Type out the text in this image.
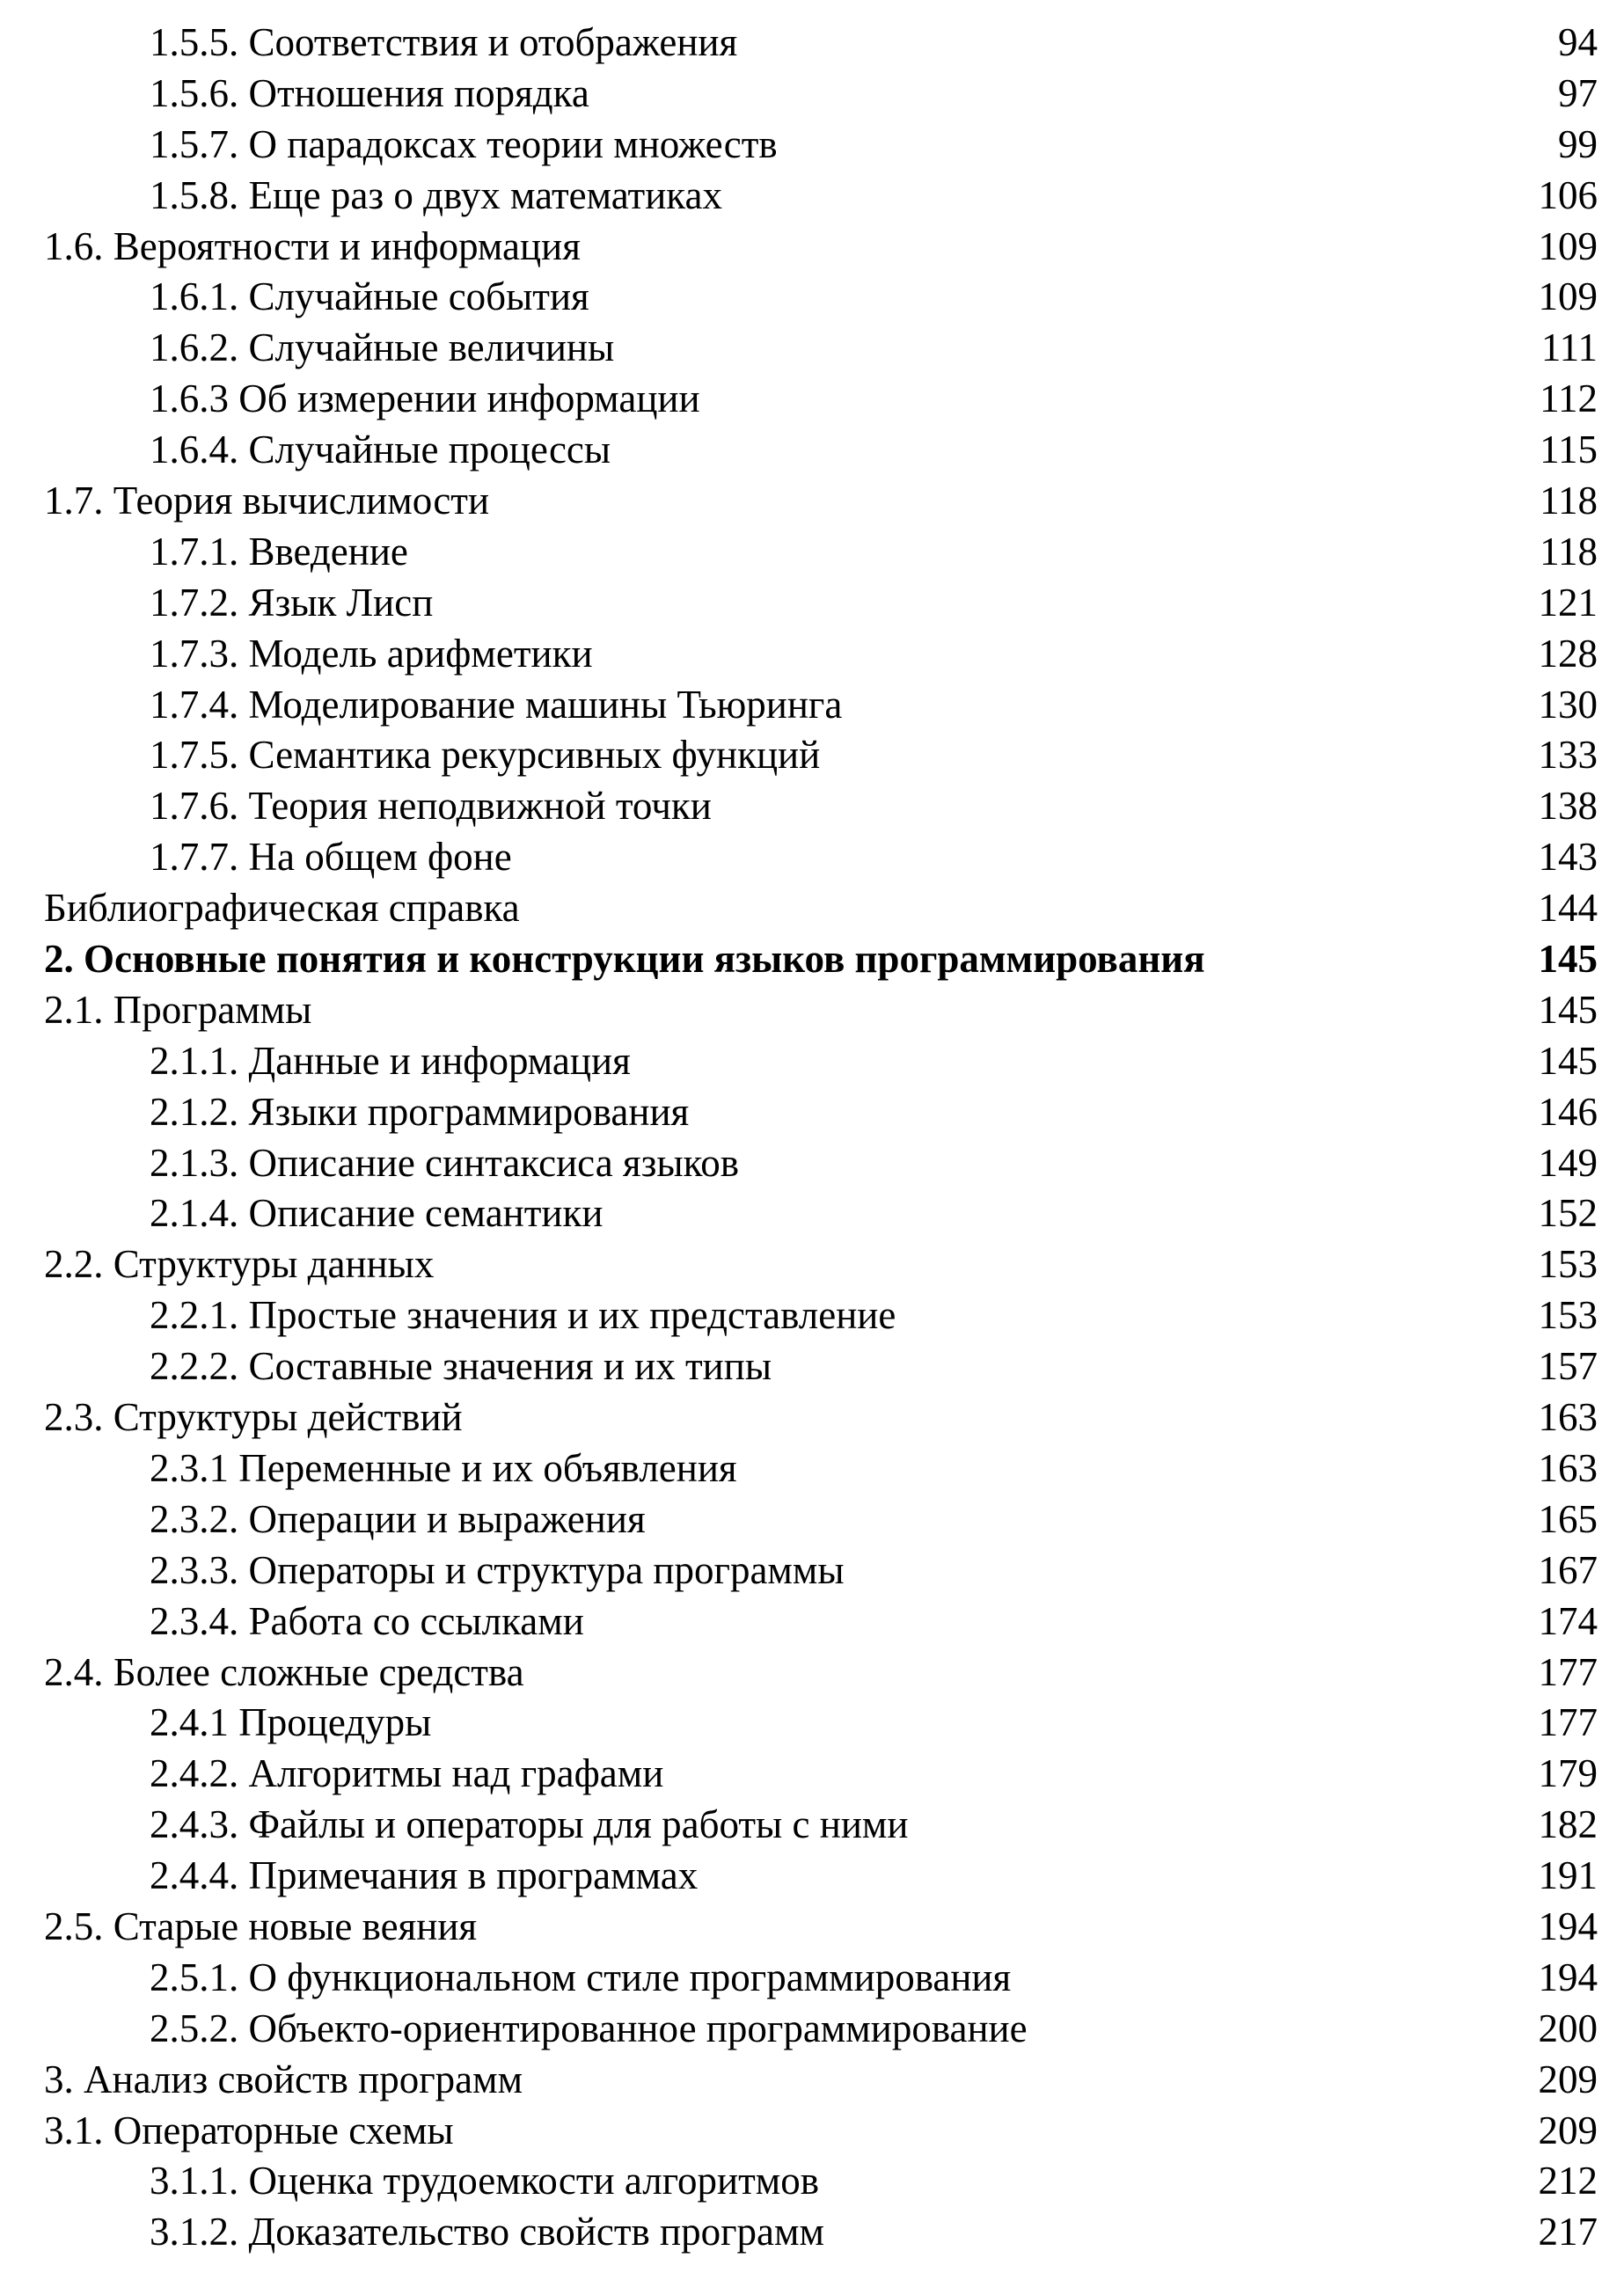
1.5.5. Соответствия и отображения	94
1.5.6. Отношения порядка	97
1.5.7. О парадоксах теории множеств	99
1.5.8. Еще раз о двух математиках	106
1.6. Вероятности и информация	109
1.6.1. Случайные события	109
1.6.2. Случайные величины	111
1.6.3 Об измерении информации	112
1.6.4. Случайные процессы	115
1.7. Теория вычислимости	118
1.7.1. Введение	118
1.7.2. Язык Лисп	121
1.7.3. Модель арифметики	128
1.7.4. Моделирование машины Тьюринга	130
1.7.5. Семантика рекурсивных функций	133
1.7.6. Теория неподвижной точки	138
1.7.7. На общем фоне	143
Библиографическая справка	144
2. Основные понятия и конструкции языков программирования	145
2.1. Программы	145
2.1.1. Данные и информация	145
2.1.2. Языки программирования	146
2.1.3. Описание синтаксиса языков	149
2.1.4. Описание семантики	152
2.2. Структуры данных	153
2.2.1. Простые значения и их представление	153
2.2.2. Составные значения и их типы	157
2.3. Структуры действий	163
2.3.1 Переменные и их объявления	163
2.3.2. Операции и выражения	165
2.3.3. Операторы и структура программы	167
2.3.4. Работа со ссылками	174
2.4. Более сложные средства	177
2.4.1 Процедуры	177
2.4.2. Алгоритмы над графами	179
2.4.3. Файлы и операторы для работы с ними	182
2.4.4. Примечания в программах	191
2.5. Старые новые веяния	194
2.5.1. О функциональном стиле программирования	194
2.5.2. Объекто-ориентированное программирование	200
3. Анализ свойств программ	209
3.1. Операторные схемы	209
3.1.1. Оценка трудоемкости алгоритмов	212
3.1.2. Доказательство свойств программ	217
